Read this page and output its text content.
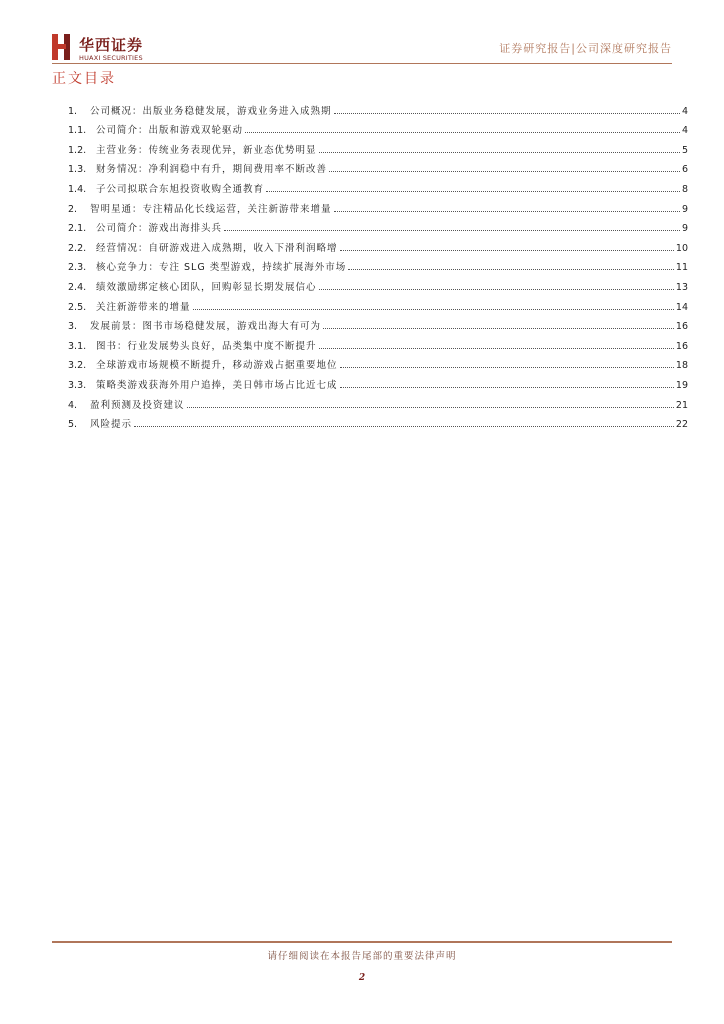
华西证券
HUAXI SECURITIES
证券研究报告|公司深度研究报告
正文目录
1.	公司概况：出版业务稳健发展，游戏业务进入成熟期	4
1.1.	公司简介：出版和游戏双轮驱动	4
1.2.	主营业务：传统业务表现优异，新业态优势明显	5
1.3.	财务情况：净利润稳中有升，期间费用率不断改善	6
1.4.	子公司拟联合东旭投资收购全通教育	8
2.	智明星通：专注精品化长线运营，关注新游带来增量	9
2.1.	公司简介：游戏出海排头兵	9
2.2.	经营情况：自研游戏进入成熟期，收入下滑利润略增	10
2.3.	核心竞争力：专注 SLG 类型游戏，持续扩展海外市场	11
2.4.	绩效激励绑定核心团队，回购彰显长期发展信心	13
2.5.	关注新游带来的增量	14
3.	发展前景：图书市场稳健发展，游戏出海大有可为	16
3.1.	图书：行业发展势头良好，品类集中度不断提升	16
3.2.	全球游戏市场规模不断提升，移动游戏占据重要地位	18
3.3.	策略类游戏获海外用户追捧，美日韩市场占比近七成	19
4.	盈利预测及投资建议	21
5.	风险提示	22
请仔细阅读在本报告尾部的重要法律声明
2
